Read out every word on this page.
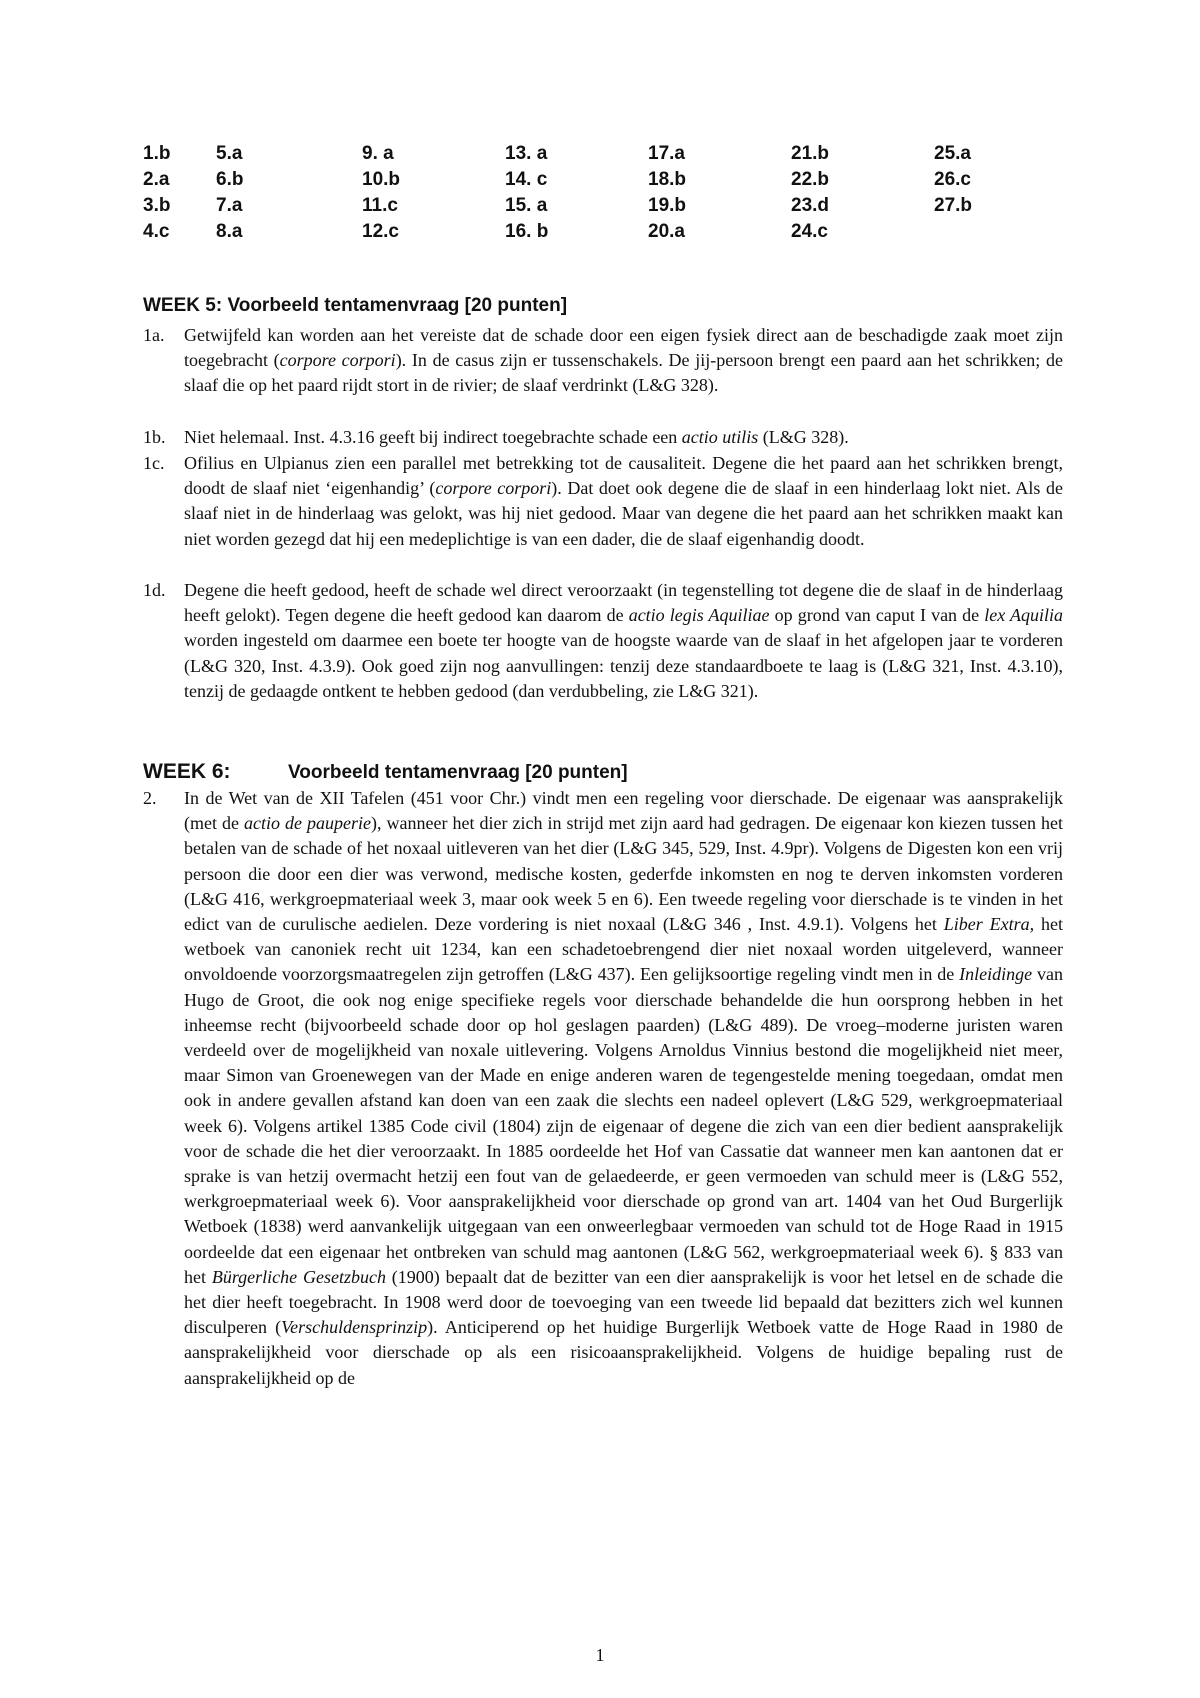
1.b 5.a	9. a	13. a	17.a	21.b	25.a
2.a 6.b	10.b	14. c	18.b	22.b	26.c
3.b 7.a	11.c	15. a	19.b	23.d	27.b
4.c 8.a	12.c	16. b	20.a	24.c
WEEK 5: Voorbeeld tentamenvraag [20 punten]
1a. Getwijfeld kan worden aan het vereiste dat de schade door een eigen fysiek direct aan de beschadigde zaak moet zijn toegebracht (corpore corpori). In de casus zijn er tussenschakels. De jij-persoon brengt een paard aan het schrikken; de slaaf die op het paard rijdt stort in de rivier; de slaaf verdrinkt (L&G 328).
1b. Niet helemaal. Inst. 4.3.16 geeft bij indirect toegebrachte schade een actio utilis (L&G 328).
1c. Ofilius en Ulpianus zien een parallel met betrekking tot de causaliteit. Degene die het paard aan het schrikken brengt, doodt de slaaf niet ‘eigenhandig’ (corpore corpori). Dat doet ook degene die de slaaf in een hinderlaag lokt niet. Als de slaaf niet in de hinderlaag was gelokt, was hij niet gedood. Maar van degene die het paard aan het schrikken maakt kan niet worden gezegd dat hij een medeplichtige is van een dader, die de slaaf eigenhandig doodt.
1d. Degene die heeft gedood, heeft de schade wel direct veroorzaakt (in tegenstelling tot degene die de slaaf in de hinderlaag heeft gelokt). Tegen degene die heeft gedood kan daarom de actio legis Aquiliae op grond van caput I van de lex Aquilia worden ingesteld om daarmee een boete ter hoogte van de hoogste waarde van de slaaf in het afgelopen jaar te vorderen (L&G 320, Inst. 4.3.9). Ook goed zijn nog aanvullingen: tenzij deze standaardboete te laag is (L&G 321, Inst. 4.3.10), tenzij de gedaagde ontkent te hebben gedood (dan verdubbeling, zie L&G 321).
WEEK 6:	Voorbeeld tentamenvraag [20 punten]
2. In de Wet van de XII Tafelen (451 voor Chr.) vindt men een regeling voor dierschade. De eigenaar was aansprakelijk (met de actio de pauperie), wanneer het dier zich in strijd met zijn aard had gedragen. De eigenaar kon kiezen tussen het betalen van de schade of het noxaal uitleveren van het dier (L&G 345, 529, Inst. 4.9pr). Volgens de Digesten kon een vrij persoon die door een dier was verwond, medische kosten, gederfde inkomsten en nog te derven inkomsten vorderen (L&G 416, werkgroepmateriaal week 3, maar ook week 5 en 6). Een tweede regeling voor dierschade is te vinden in het edict van de curulische aedielen. Deze vordering is niet noxaal (L&G 346 , Inst. 4.9.1). Volgens het Liber Extra, het wetboek van canoniek recht uit 1234, kan een schadetoebrengend dier niet noxaal worden uitgeleverd, wanneer onvoldoende voorzorgsmaatregelen zijn getroffen (L&G 437). Een gelijksoortige regeling vindt men in de Inleidinge van Hugo de Groot, die ook nog enige specifieke regels voor dierschade behandelde die hun oorsprong hebben in het inheemse recht (bijvoorbeeld schade door op hol geslagen paarden) (L&G 489). De vroeg–moderne juristen waren verdeeld over de mogelijkheid van noxale uitlevering. Volgens Arnoldus Vinnius bestond die mogelijkheid niet meer, maar Simon van Groenewegen van der Made en enige anderen waren de tegengestelde mening toegedaan, omdat men ook in andere gevallen afstand kan doen van een zaak die slechts een nadeel oplevert (L&G 529, werkgroepmateriaal week 6). Volgens artikel 1385 Code civil (1804) zijn de eigenaar of degene die zich van een dier bedient aansprakelijk voor de schade die het dier veroorzaakt. In 1885 oordeelde het Hof van Cassatie dat wanneer men kan aantonen dat er sprake is van hetzij overmacht hetzij een fout van de gelaedeerde, er geen vermoeden van schuld meer is (L&G 552, werkgroepmateriaal week 6). Voor aansprakelijkheid voor dierschade op grond van art. 1404 van het Oud Burgerlijk Wetboek (1838) werd aanvankelijk uitgegaan van een onweerlegbaar vermoeden van schuld tot de Hoge Raad in 1915 oordeelde dat een eigenaar het ontbreken van schuld mag aantonen (L&G 562, werkgroepmateriaal week 6). § 833 van het Bürgerliche Gesetzbuch (1900) bepaalt dat de bezitter van een dier aansprakelijk is voor het letsel en de schade die het dier heeft toegebracht. In 1908 werd door de toevoeging van een tweede lid bepaald dat bezitters zich wel kunnen disculperen (Verschuldensprinzip). Anticiperend op het huidige Burgerlijk Wetboek vatte de Hoge Raad in 1980 de aansprakelijkheid voor dierschade op als een risicoaansprakelijkheid. Volgens de huidige bepaling rust de aansprakelijkheid op de
1
